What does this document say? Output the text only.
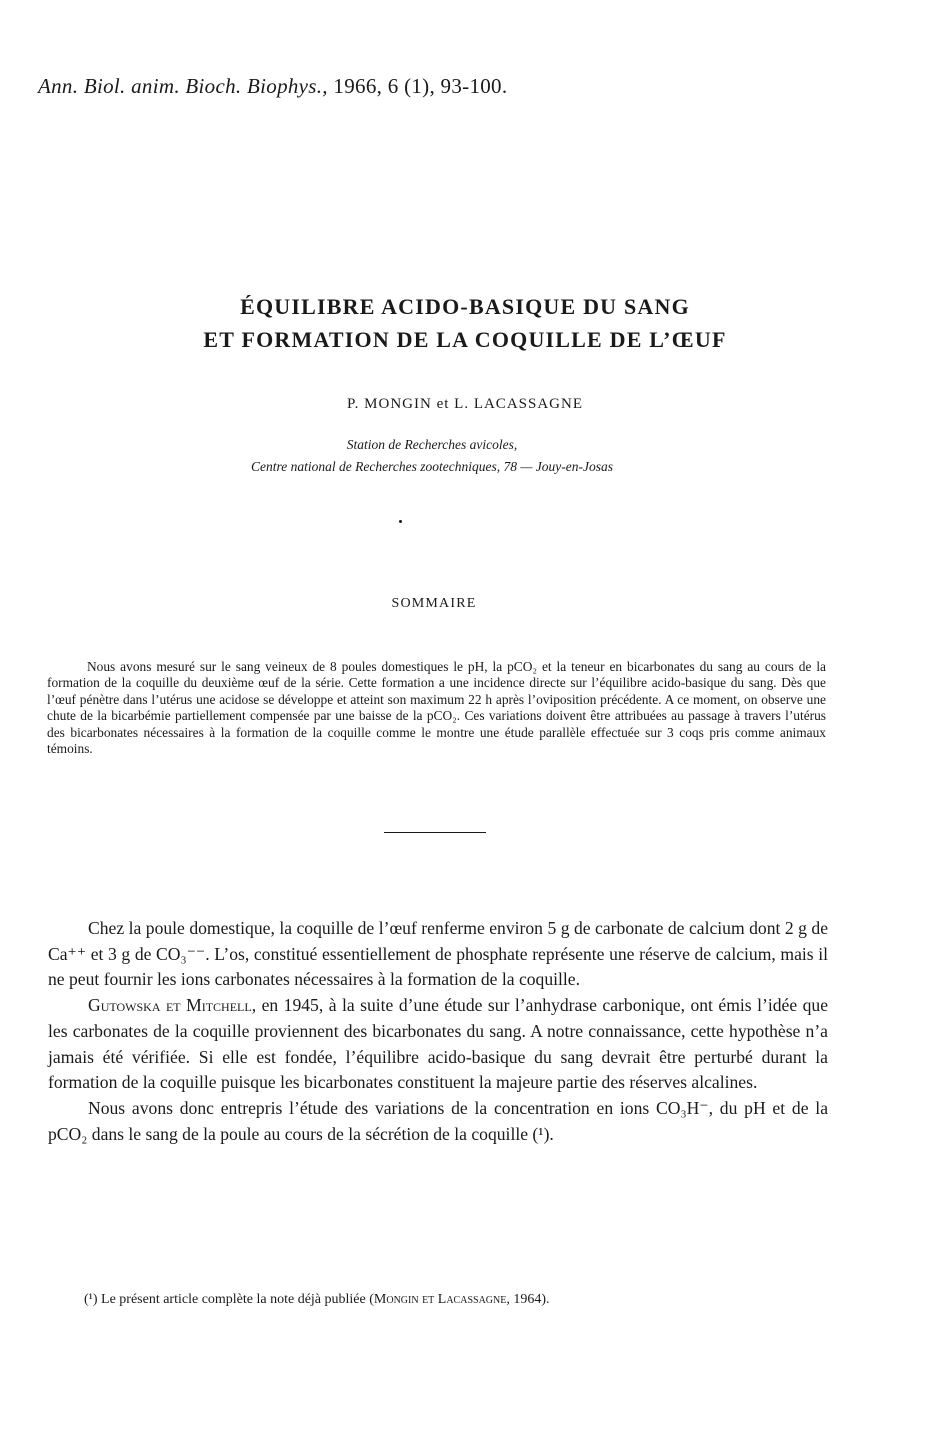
Ann. Biol. anim. Bioch. Biophys., 1966, 6 (1), 93-100.
ÉQUILIBRE ACIDO-BASIQUE DU SANG
ET FORMATION DE LA COQUILLE DE L’ŒUF
P. MONGIN et L. LACASSAGNE
Station de Recherches avicoles,
Centre national de Recherches zootechniques, 78 — Jouy-en-Josas
SOMMAIRE
Nous avons mesuré sur le sang veineux de 8 poules domestiques le pH, la pCO₂ et la teneur en bicarbonates du sang au cours de la formation de la coquille du deuxième œuf de la série. Cette formation a une incidence directe sur l’équilibre acido-basique du sang. Dès que l’œuf pénètre dans l’utérus une acidose se développe et atteint son maximum 22 h après l’oviposition précédente. A ce moment, on observe une chute de la bicarbémie partiellement compensée par une baisse de la pCO₂. Ces variations doivent être attribuées au passage à travers l’utérus des bicarbonates nécessaires à la formation de la coquille comme le montre une étude parallèle effectuée sur 3 coqs pris comme animaux témoins.

Chez la poule domestique, la coquille de l’œuf renferme environ 5 g de carbonate de calcium dont 2 g de Ca⁺⁺ et 3 g de CO₃⁻⁻. L’os, constitué essentiellement de phosphate représente une réserve de calcium, mais il ne peut fournir les ions carbonates nécessaires à la formation de la coquille.

Gutowska et Mitchell, en 1945, à la suite d’une étude sur l’anhydrase carbonique, ont émis l’idée que les carbonates de la coquille proviennent des bicarbonates du sang. A notre connaissance, cette hypothèse n’a jamais été vérifiée. Si elle est fondée, l’équilibre acido-basique du sang devrait être perturbé durant la formation de la coquille puisque les bicarbonates constituent la majeure partie des réserves alcalines.

Nous avons donc entrepris l’étude des variations de la concentration en ions CO₃H⁻, du pH et de la pCO₂ dans le sang de la poule au cours de la sécrétion de la coquille (¹).

(¹) Le présent article complète la note déjà publiée (Mongin et Lacassagne, 1964).
